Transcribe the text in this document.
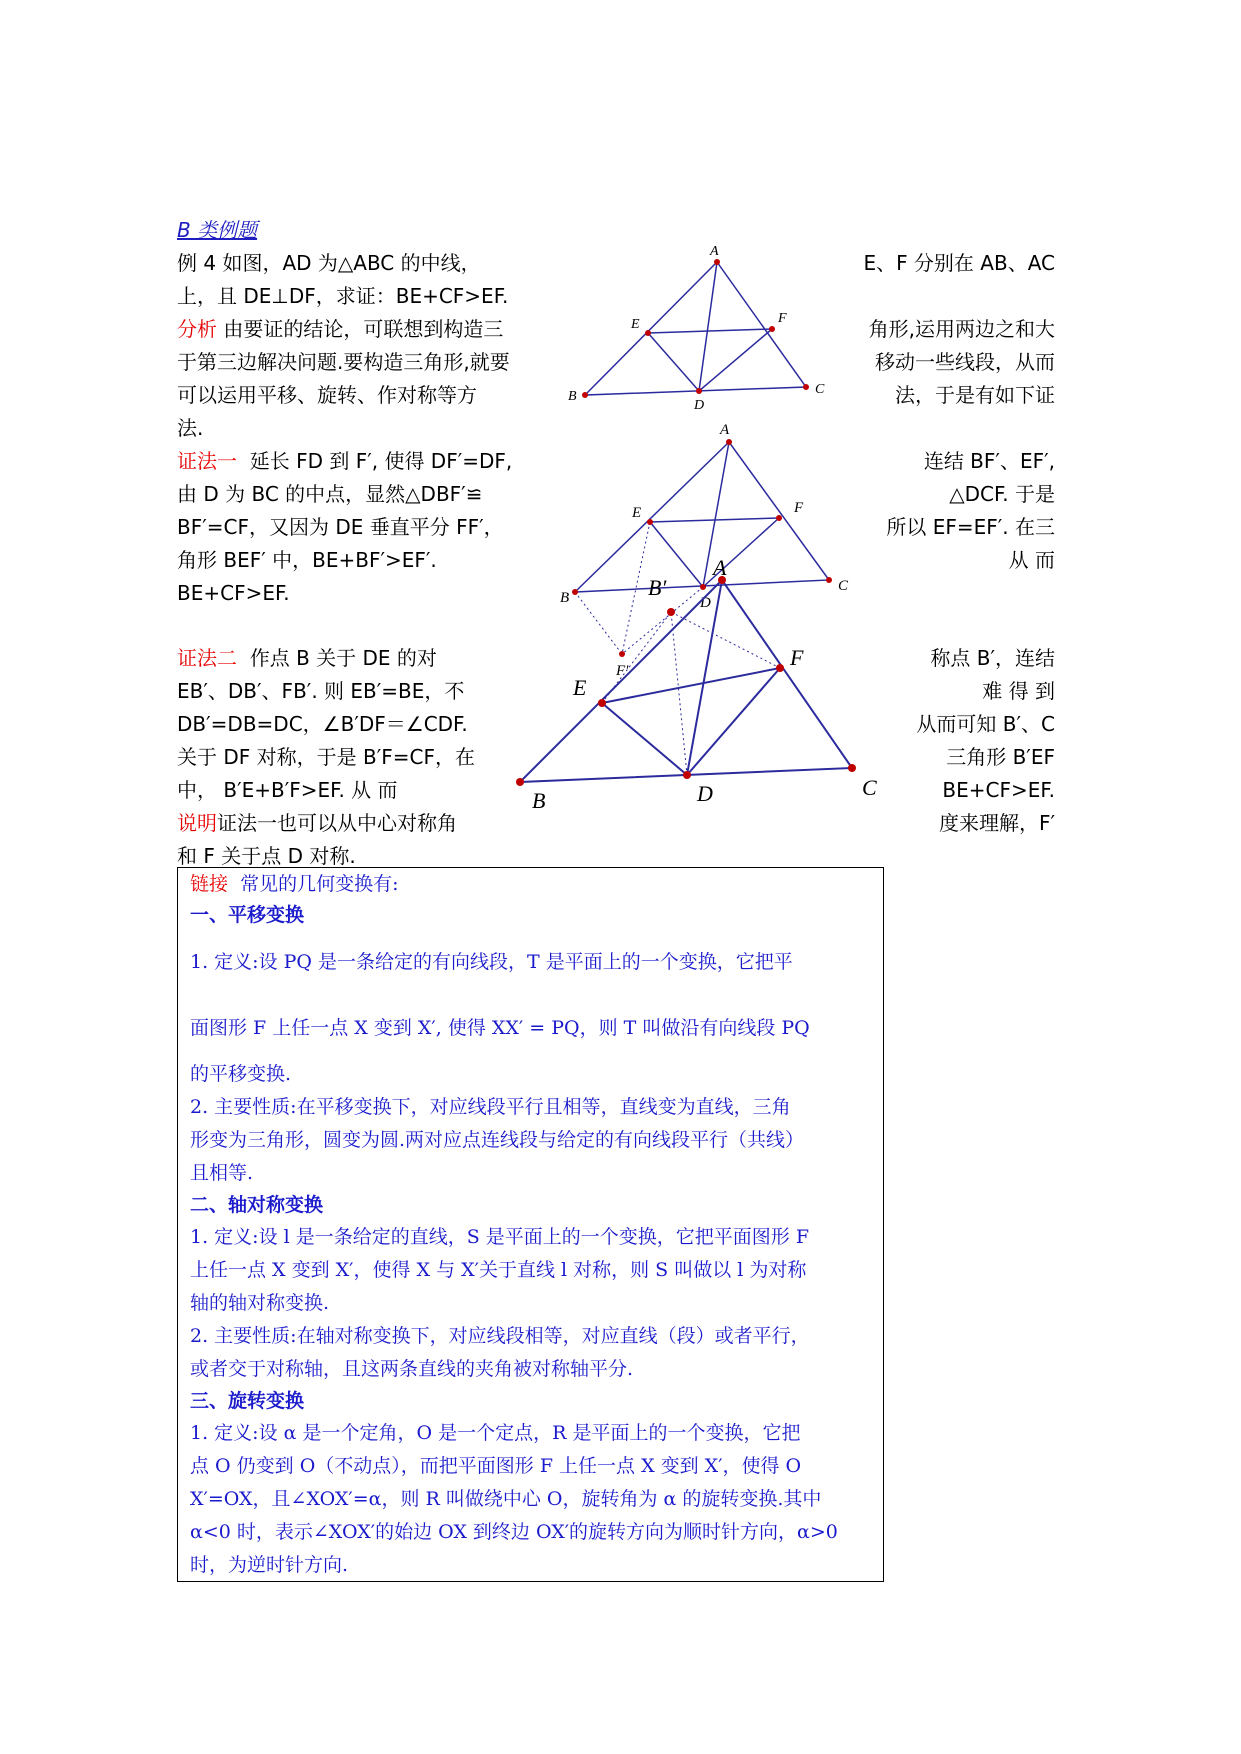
B 类例题
例 4 如图，AD 为△ABC 的中线，	E、F 分别在 AB、AC
上，且 DE⊥DF，求证：BE+CF>EF.
分析 由要证的结论，可联想到构造三	角形,运用两边之和大
于第三边解决问题.要构造三角形,就要	移动一些线段，从而
可以运用平移、旋转、作对称等方	法，于是有如下证
法.
证法一 延长 FD 到 F′, 使得 DF′=DF,	连结 BF′、EF′,
由 D 为 BC 的中点，显然△DBF′≌	△DCF. 于是
BF′=CF，又因为 DE 垂直平分 FF′，	所以 EF=EF′. 在三
角形 BEF′ 中，BE+BF′>EF′.	从 而
BE+CF>EF.
证法二 作点 B 关于 DE 的对	称点 B′，连结
EB′、DB′、FB′. 则 EB′=BE，不	难 得 到
DB′=DB=DC，∠B′DF＝∠CDF.	从而可知 B′、C
关于 DF 对称，于是 B′F=CF，在	三角形 B′EF
中， B′E+B′F>EF. 从 而	BE+CF>EF.
说明证法一也可以从中心对称角	度来理解，F′
和 F 关于点 D 对称.
A
B	C
D
E	F
A
B
C
D
E	F
F′
A
B
C
D
E
F
B′
链接 常见的几何变换有:
一、平移变换
1. 定义:设 PQ 是一条给定的有向线段，T 是平面上的一个变换，它把平
面图形 F 上任一点 X 变到 X′, 使得 XX′ = PQ，则 T 叫做沿有向线段 PQ
的平移变换.
2. 主要性质:在平移变换下，对应线段平行且相等，直线变为直线，三角
形变为三角形，圆变为圆.两对应点连线段与给定的有向线段平行（共线）
且相等.
二、轴对称变换
1. 定义:设 l 是一条给定的直线，S 是平面上的一个变换，它把平面图形 F
上任一点 X 变到 X′，使得 X 与 X′关于直线 l 对称，则 S 叫做以 l 为对称
轴的轴对称变换.
2. 主要性质:在轴对称变换下，对应线段相等，对应直线（段）或者平行，
或者交于对称轴，且这两条直线的夹角被对称轴平分.
三、旋转变换
1. 定义:设 α 是一个定角，O 是一个定点，R 是平面上的一个变换，它把
点 O 仍变到 O（不动点），而把平面图形 F 上任一点 X 变到 X′，使得 O
X′=OX，且∠XOX′=α，则 R 叫做绕中心 O，旋转角为 α 的旋转变换.其中
α<0 时，表示∠XOX′的始边 OX 到终边 OX′的旋转方向为顺时针方向，α>0
时，为逆时针方向.
